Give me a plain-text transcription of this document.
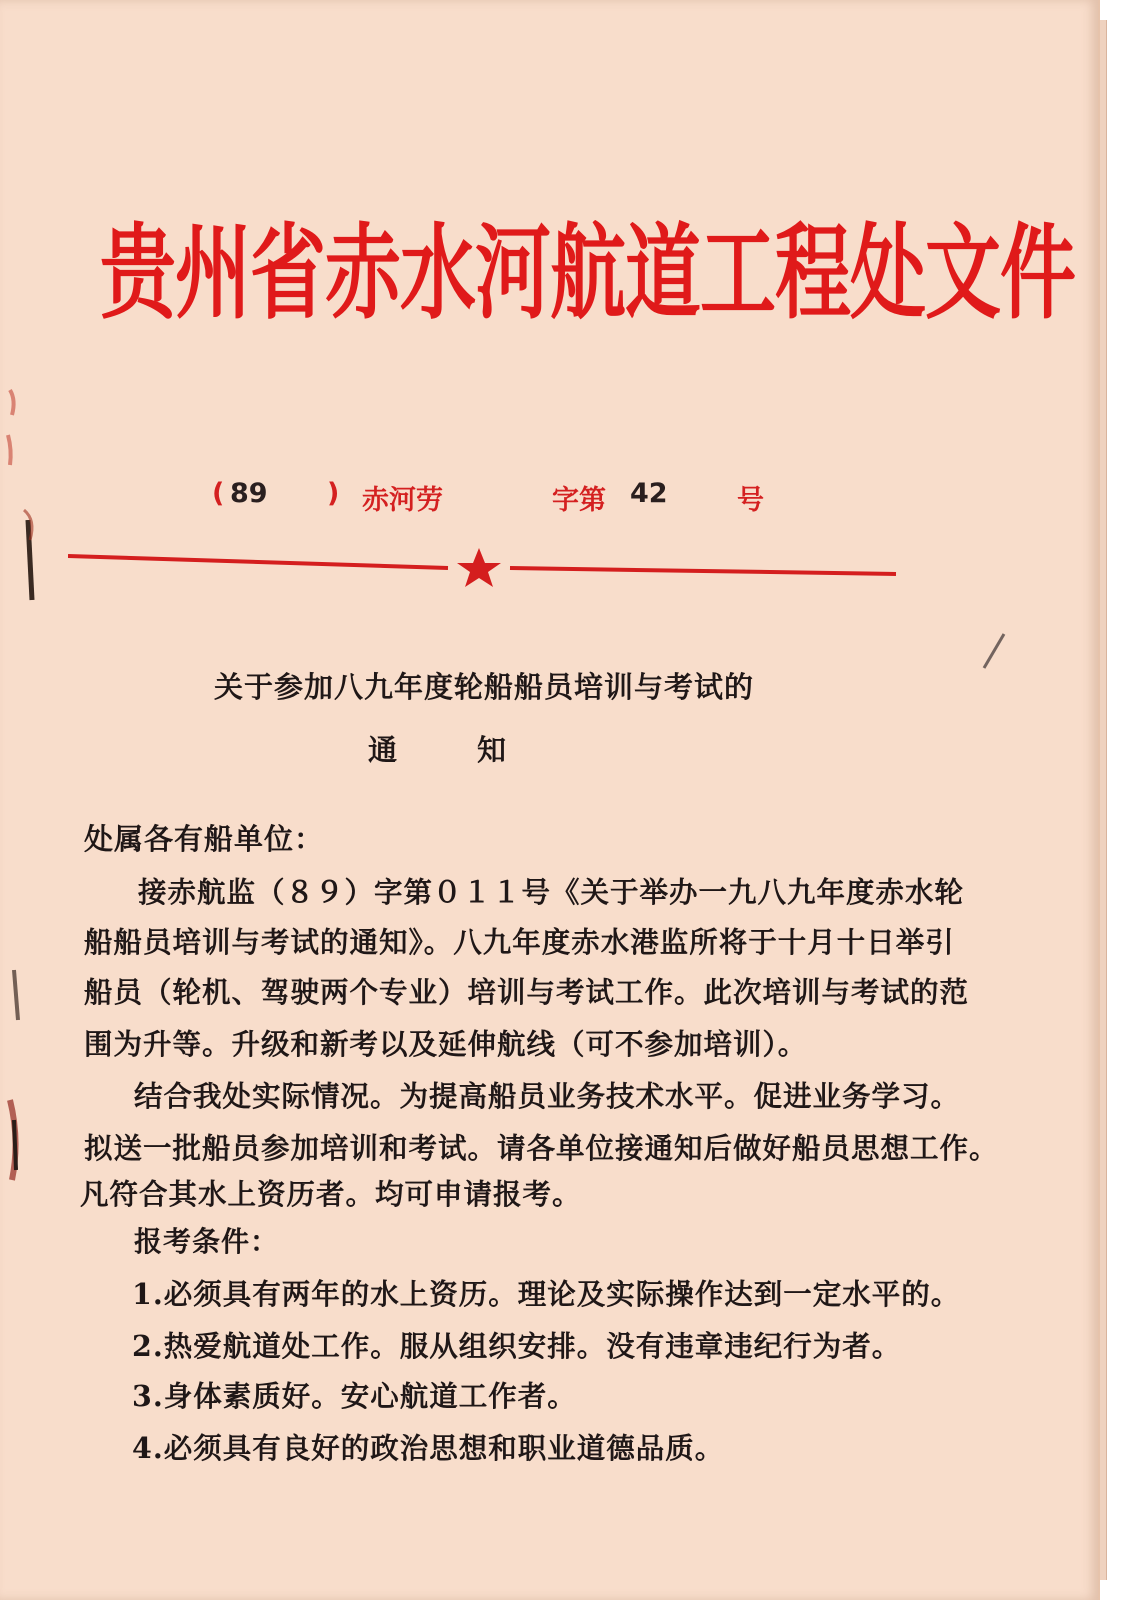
贵州省赤水河航道工程处文件
( 89 ) 赤河劳	字第 42	号
关于参加八九年度轮船船员培训与考试的
通知
处属各有船单位：
接赤航监（８９）字第０１１号《关于举办一九八九年度赤水轮
船船员培训与考试的通知》。八九年度赤水港监所将于十月十日举引
船员（轮机、驾驶两个专业）培训与考试工作。此次培训与考试的范
围为升等。升级和新考以及延伸航线（可不参加培训）。
结合我处实际情况。为提高船员业务技术水平。促进业务学习。
拟送一批船员参加培训和考试。请各单位接通知后做好船员思想工作。
凡符合其水上资历者。均可申请报考。
报考条件：
1.必须具有两年的水上资历。理论及实际操作达到一定水平的。
2.热爱航道处工作。服从组织安排。没有违章违纪行为者。
3.身体素质好。安心航道工作者。
4.必须具有良好的政治思想和职业道德品质。
